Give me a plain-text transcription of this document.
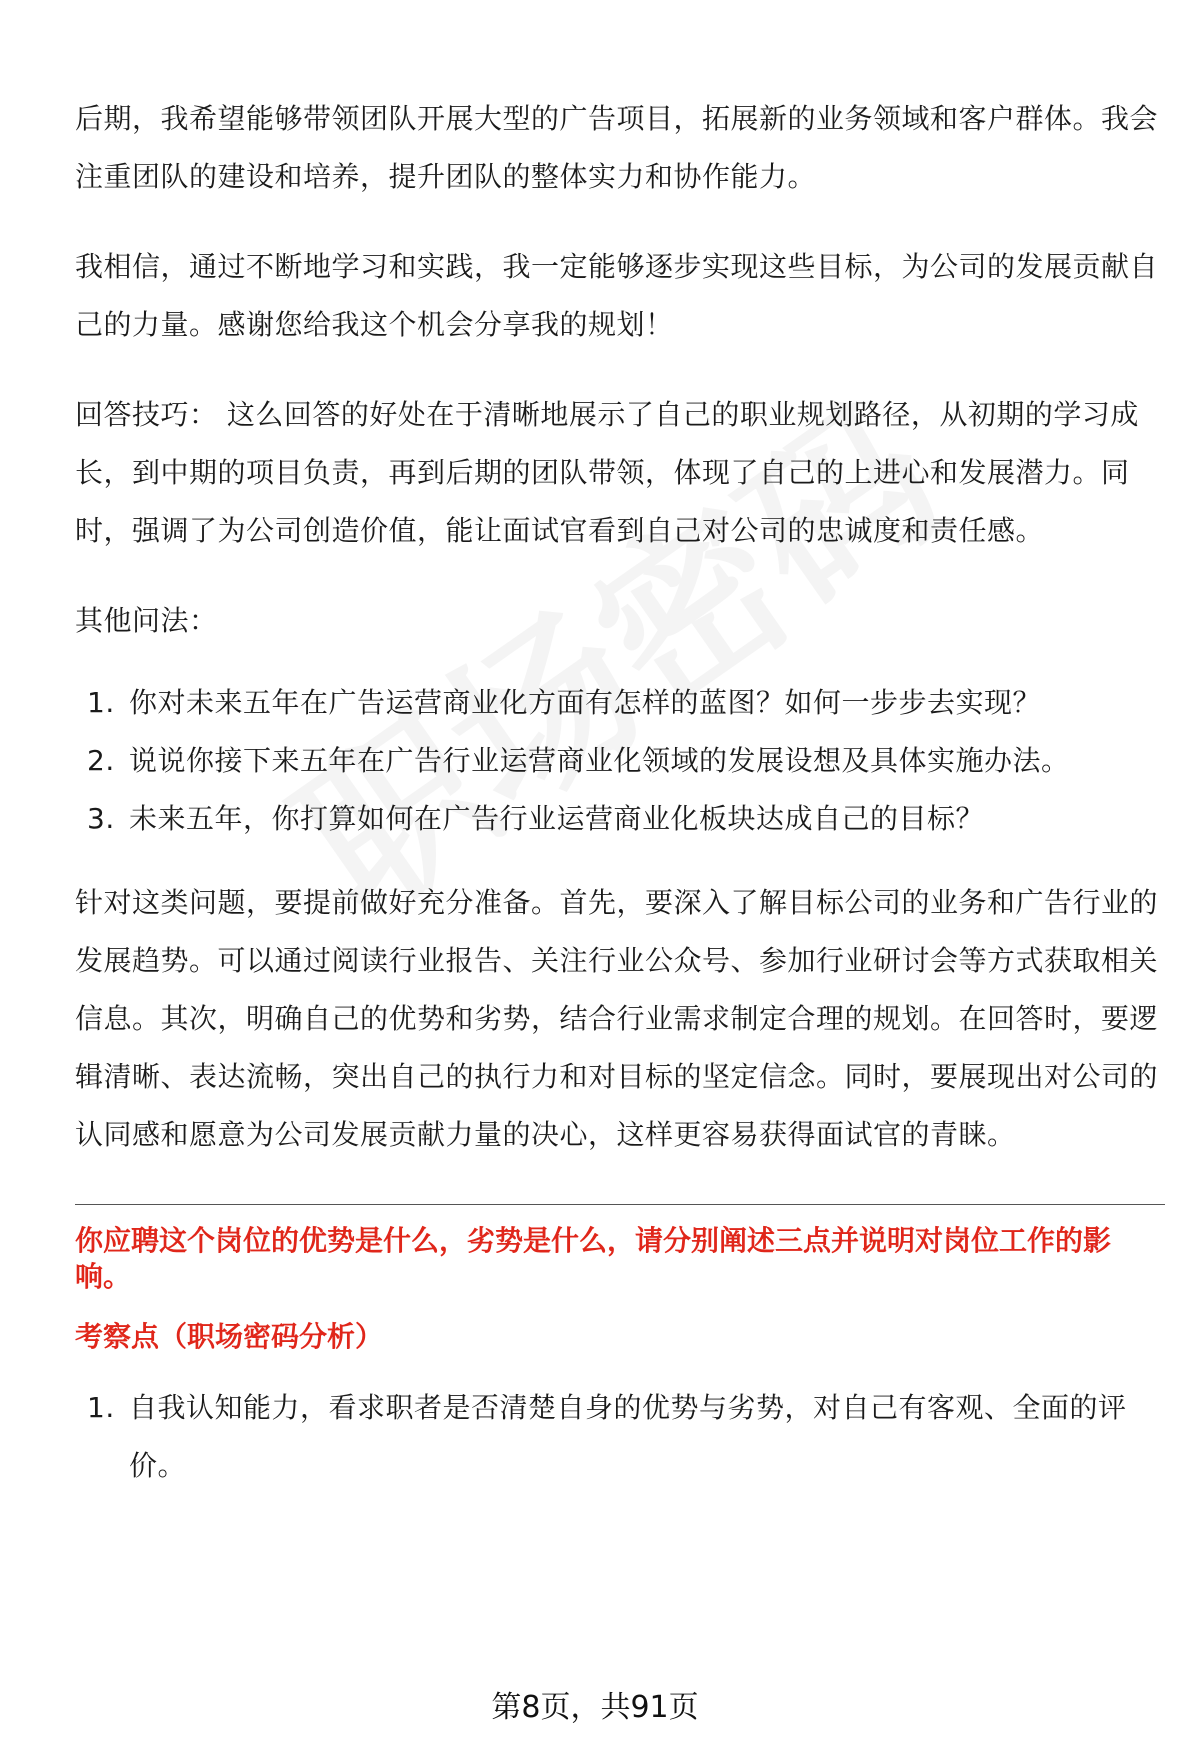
后期，我希望能够带领团队开展大型的广告项目，拓展新的业务领域和客户群体。我会注重团队的建设和培养，提升团队的整体实力和协作能力。

我相信，通过不断地学习和实践，我一定能够逐步实现这些目标，为公司的发展贡献自己的力量。感谢您给我这个机会分享我的规划！

回答技巧： 这么回答的好处在于清晰地展示了自己的职业规划路径，从初期的学习成长，到中期的项目负责，再到后期的团队带领，体现了自己的上进心和发展潜力。同时，强调了为公司创造价值，能让面试官看到自己对公司的忠诚度和责任感。

其他问法：

1. 你对未来五年在广告运营商业化方面有怎样的蓝图？如何一步步去实现？
2. 说说你接下来五年在广告行业运营商业化领域的发展设想及具体实施办法。
3. 未来五年，你打算如何在广告行业运营商业化板块达成自己的目标？

针对这类问题，要提前做好充分准备。首先，要深入了解目标公司的业务和广告行业的发展趋势。可以通过阅读行业报告、关注行业公众号、参加行业研讨会等方式获取相关信息。其次，明确自己的优势和劣势，结合行业需求制定合理的规划。在回答时，要逻辑清晰、表达流畅，突出自己的执行力和对目标的坚定信念。同时，要展现出对公司的认同感和愿意为公司发展贡献力量的决心，这样更容易获得面试官的青睐。

你应聘这个岗位的优势是什么，劣势是什么，请分别阐述三点并说明对岗位工作的影响。
考察点（职场密码分析）
1. 自我认知能力，看求职者是否清楚自身的优势与劣势，对自己有客观、全面的评价。
第8页，共91页
